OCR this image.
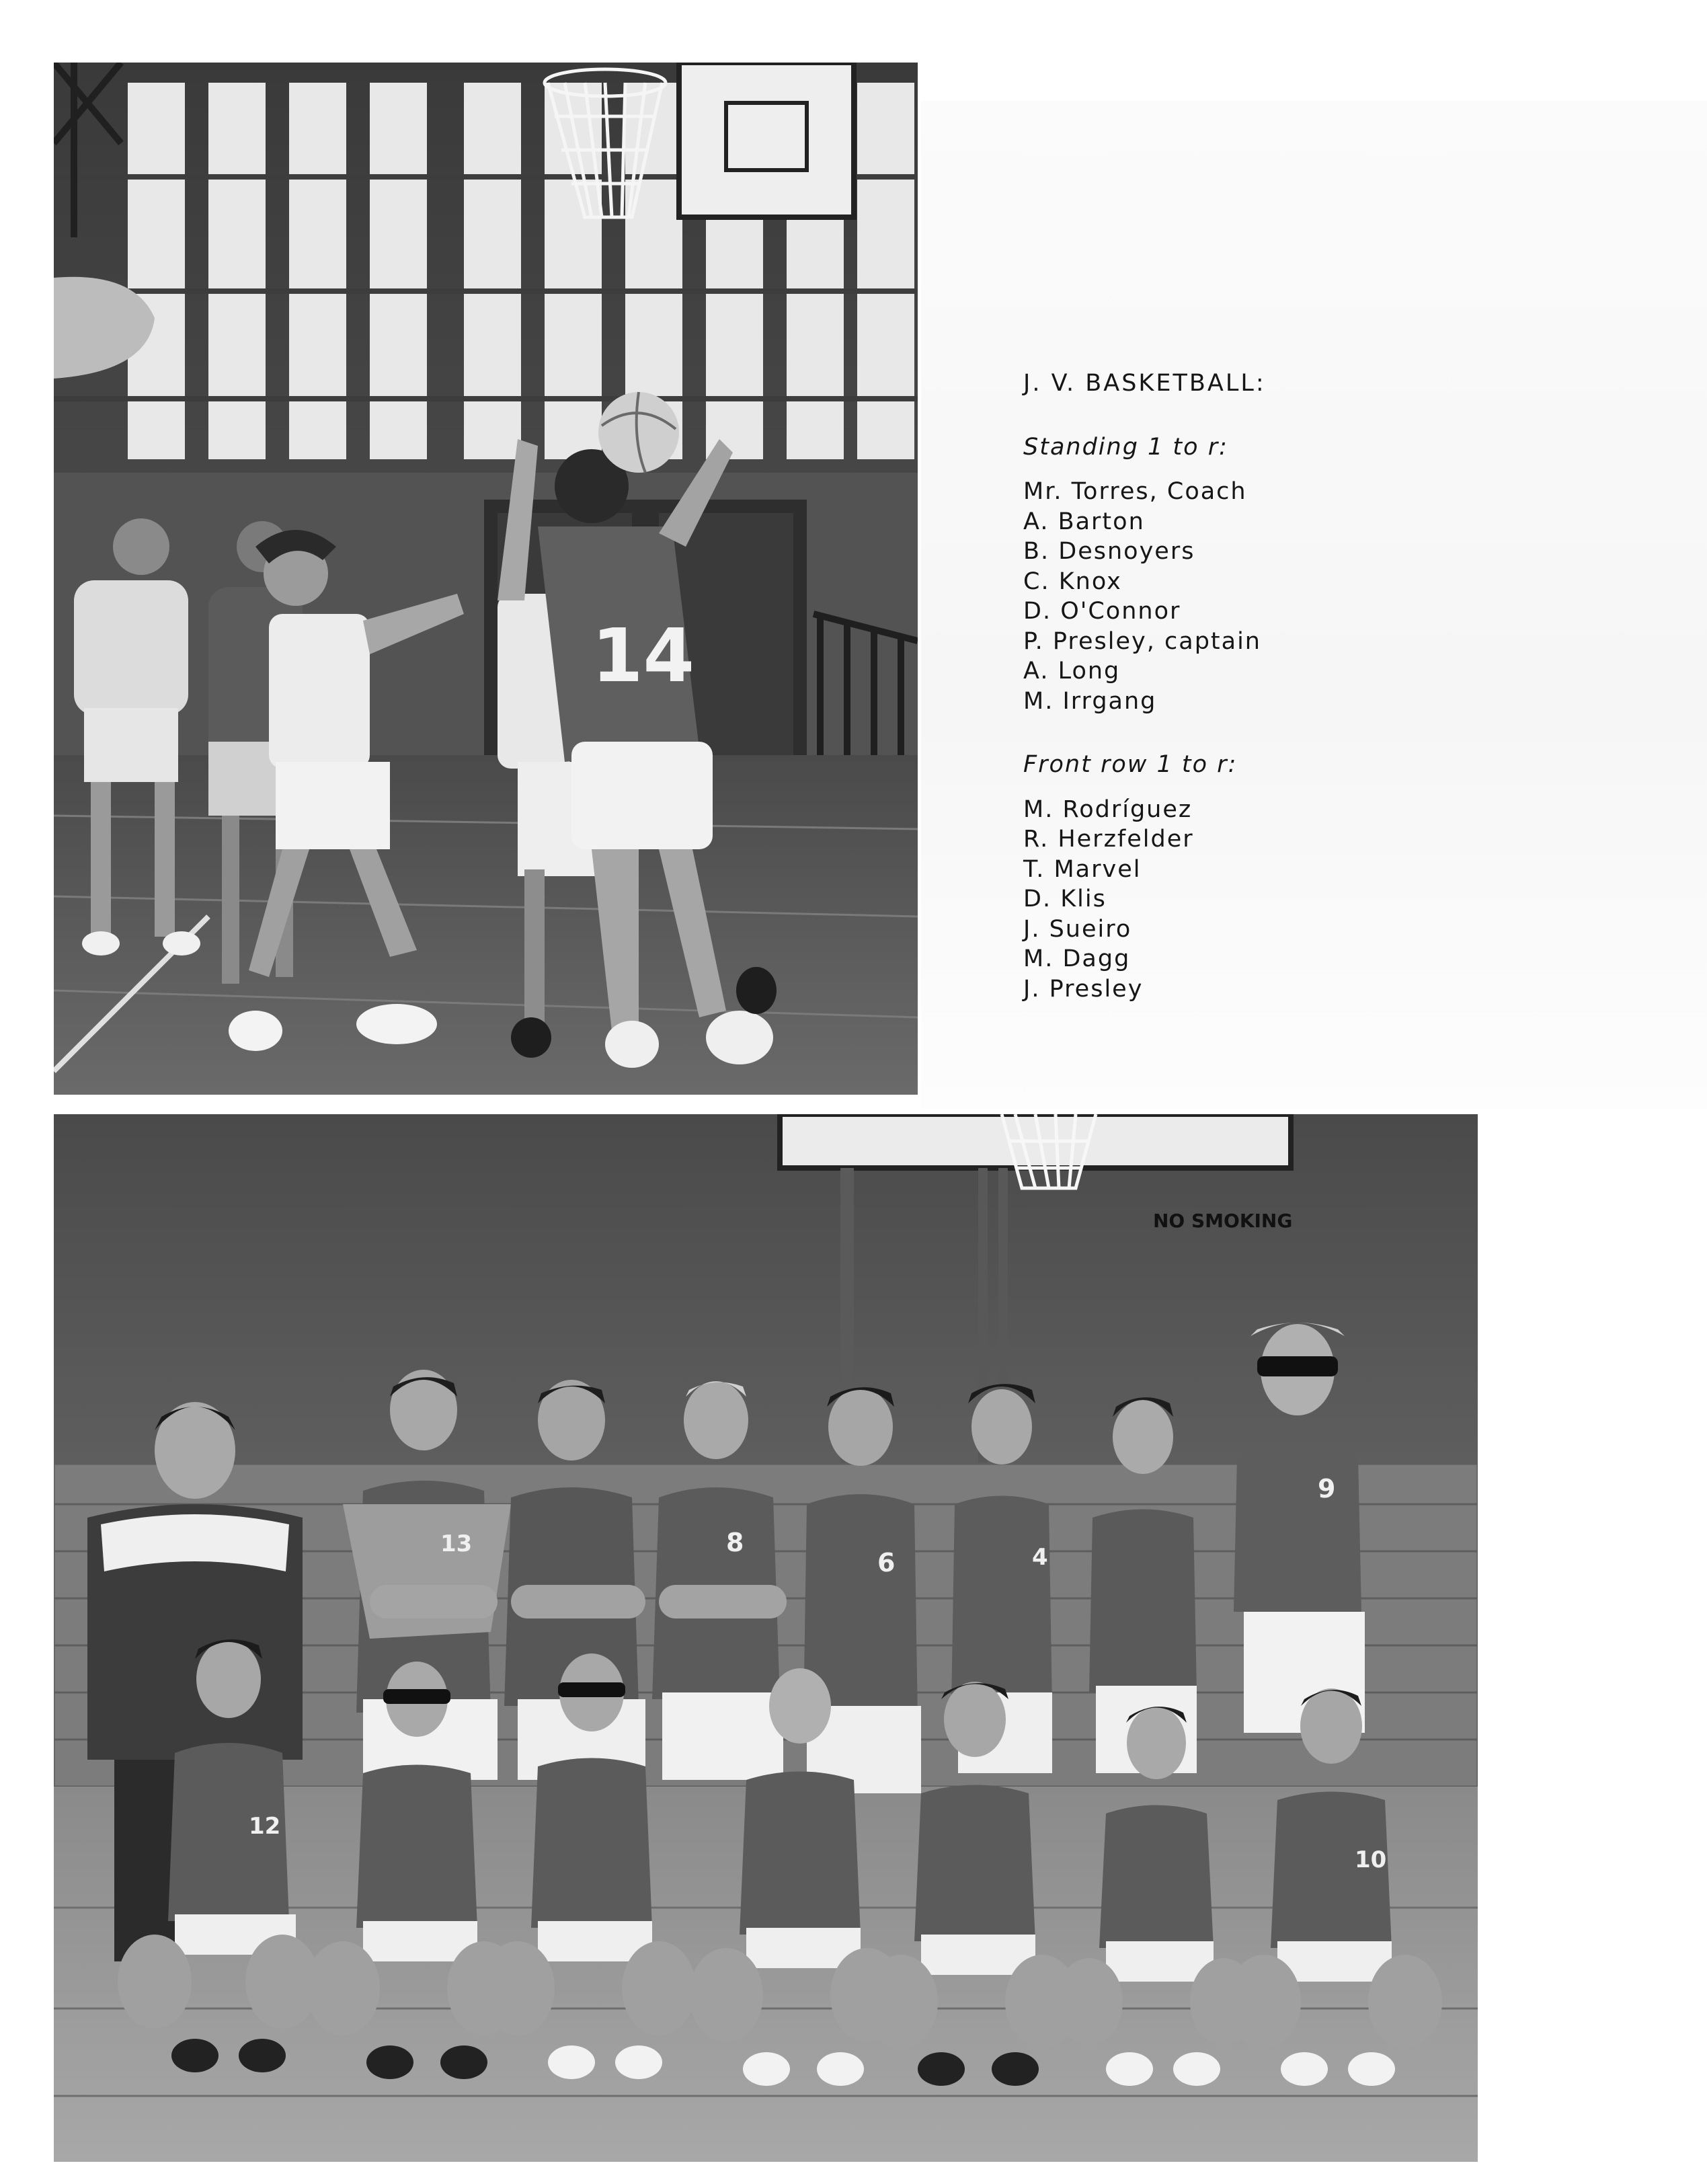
14
J. V. BASKETBALL:
Standing 1 to r:
Mr. Torres, Coach
A. Barton
B. Desnoyers
C. Knox
D. O'Connor
P. Presley, captain
A. Long
M. Irrgang
Front row 1 to r:
M. Rodríguez
R. Herzfelder
T. Marvel
D. Klis
J. Sueiro
M. Dagg
J. Presley
NO SMOKING
13	8
6	4
9
12
10
